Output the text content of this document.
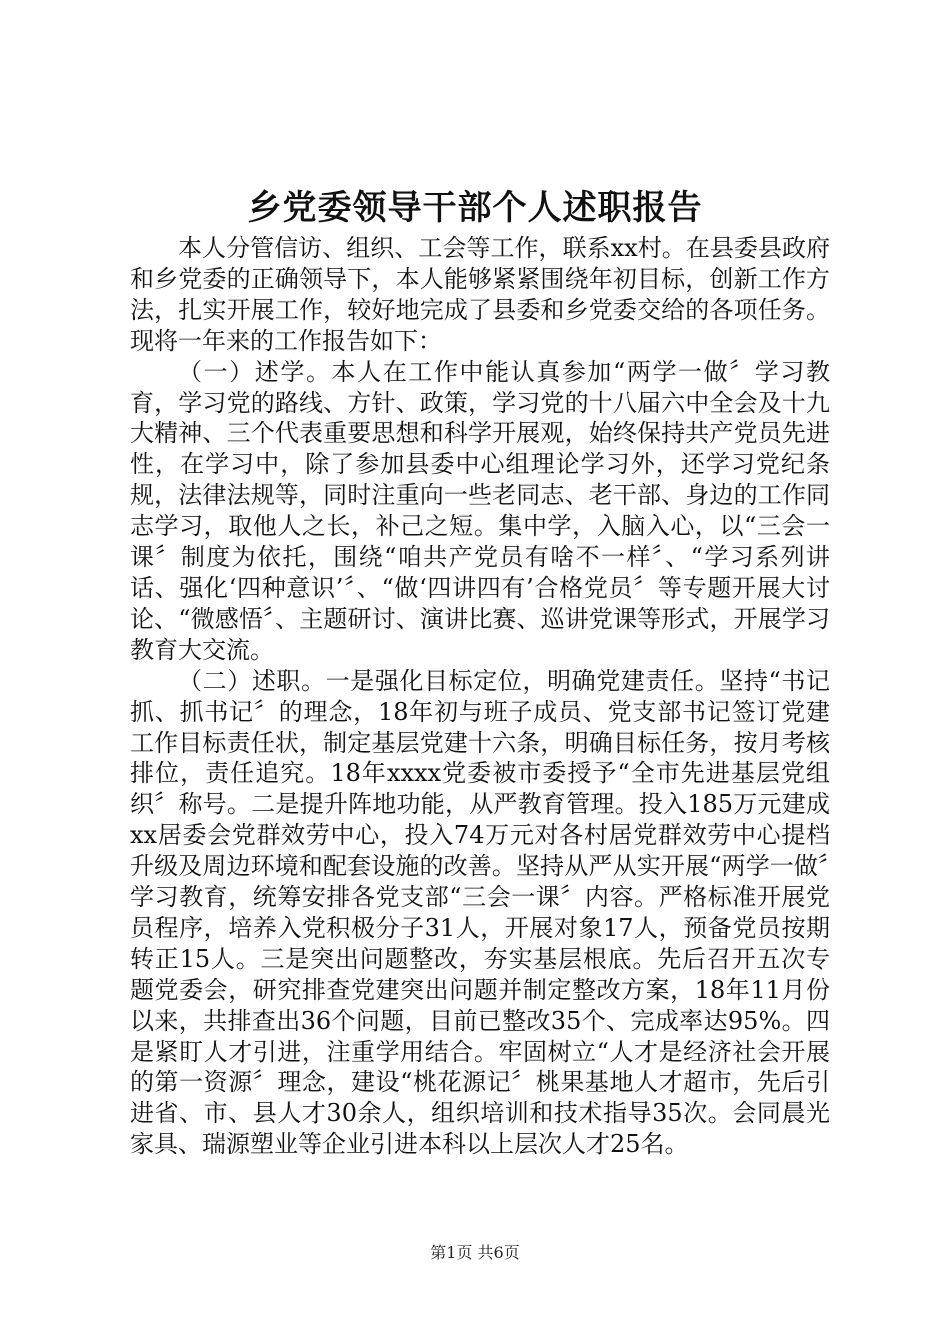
乡党委领导干部个人述职报告

本人分管信访、组织、工会等工作，联系xx村。在县委县政府和乡党委的正确领导下，本人能够紧紧围绕年初目标，创新工作方法，扎实开展工作，较好地完成了县委和乡党委交给的各项任务。现将一年来的工作报告如下：

（一）述学。本人在工作中能认真参加“两学一做〞学习教育，学习党的路线、方针、政策，学习党的十八届六中全会及十九大精神、三个代表重要思想和科学开展观，始终保持共产党员先进性，在学习中，除了参加县委中心组理论学习外，还学习党纪条规，法律法规等，同时注重向一些老同志、老干部、身边的工作同志学习，取他人之长，补己之短。集中学，入脑入心，以“三会一课〞制度为依托，围绕“咱共产党员有啥不一样〞、“学习系列讲话、强化‘四种意识’〞、“做‘四讲四有’合格党员〞等专题开展大讨论、“微感悟〞、主题研讨、演讲比赛、巡讲党课等形式，开展学习教育大交流。

（二）述职。一是强化目标定位，明确党建责任。坚持“书记抓、抓书记〞的理念，18年初与班子成员、党支部书记签订党建工作目标责任状，制定基层党建十六条，明确目标任务，按月考核排位，责任追究。18年xxxx党委被市委授予“全市先进基层党组织〞称号。二是提升阵地功能，从严教育管理。投入185万元建成xx居委会党群效劳中心，投入74万元对各村居党群效劳中心提档升级及周边环境和配套设施的改善。坚持从严从实开展“两学一做〞学习教育，统筹安排各党支部“三会一课〞内容。严格标准开展党员程序，培养入党积极分子31人，开展对象17人，预备党员按期转正15人。三是突出问题整改，夯实基层根底。先后召开五次专题党委会，研究排查党建突出问题并制定整改方案，18年11月份以来，共排查出36个问题，目前已整改35个、完成率达95%。四是紧盯人才引进，注重学用结合。牢固树立“人才是经济社会开展的第一资源〞理念，建设“桃花源记〞桃果基地人才超市，先后引进省、市、县人才30余人，组织培训和技术指导35次。会同晨光家具、瑞源塑业等企业引进本科以上层次人才25名。

第1页 共6页
